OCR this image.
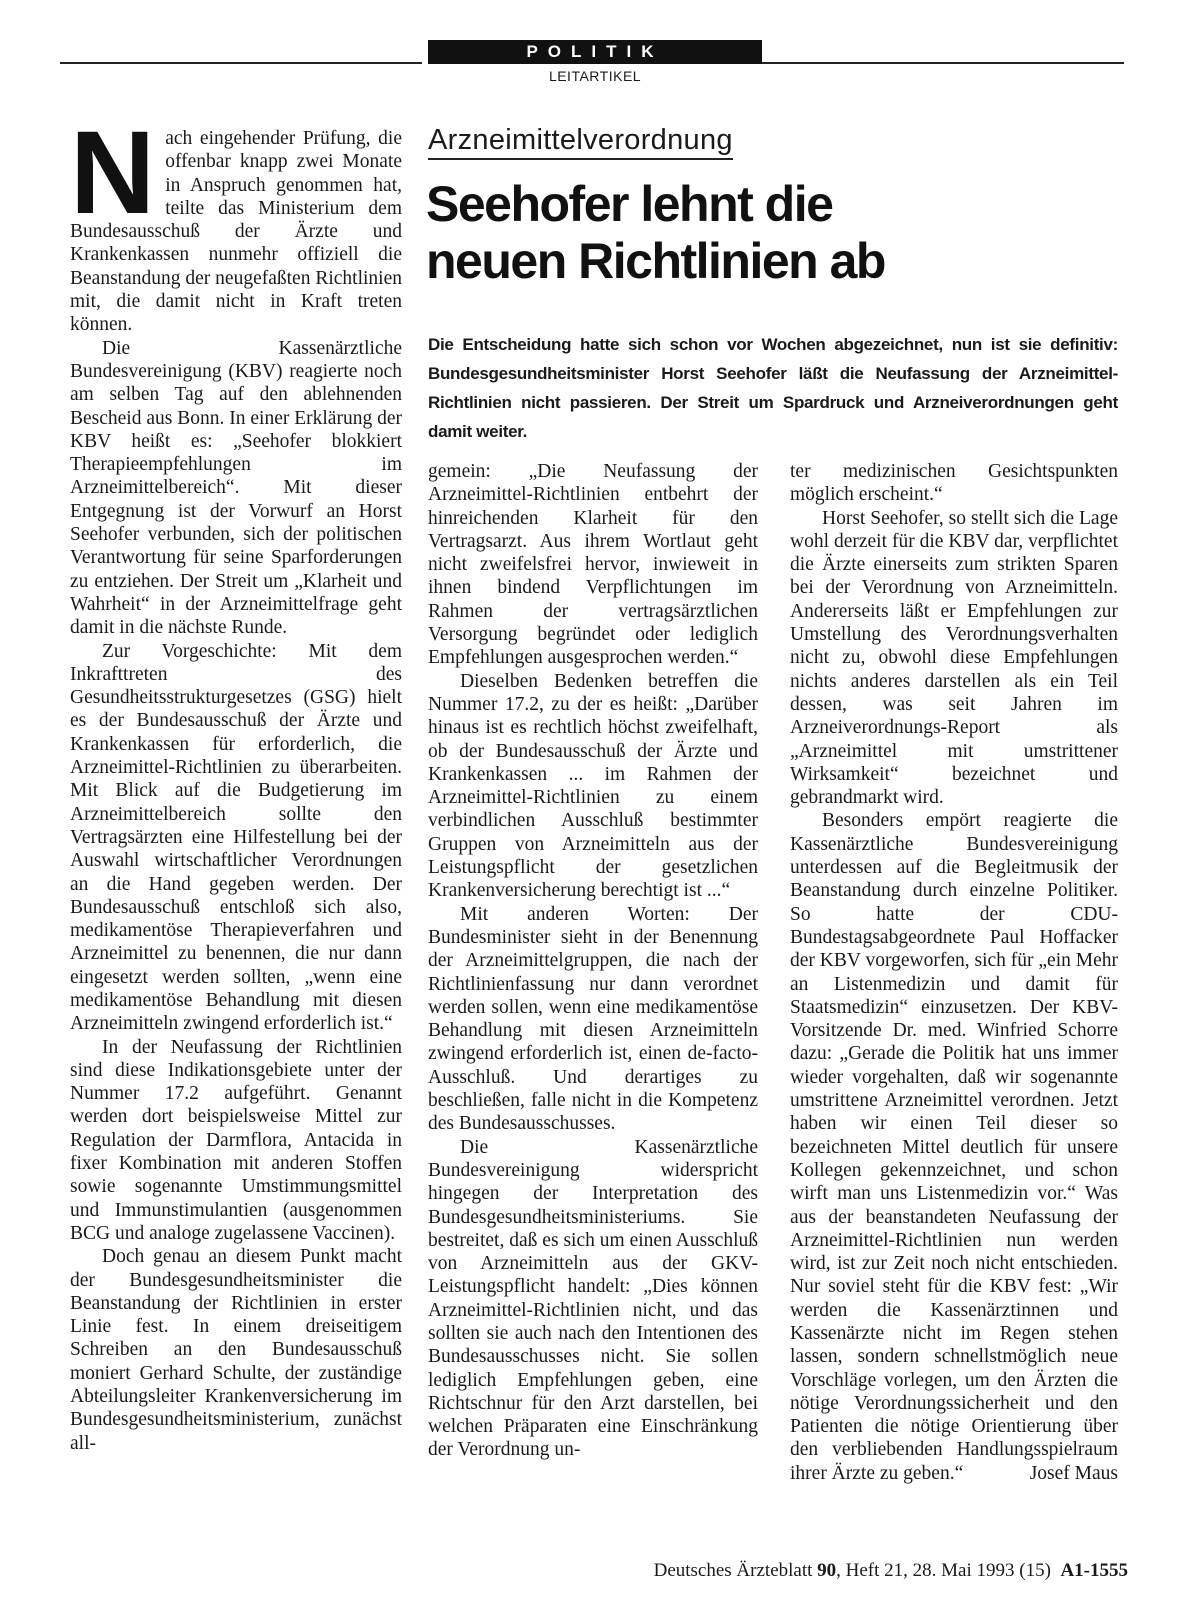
POLITIK
LEITARTIKEL

Nach eingehender Prüfung, die offenbar knapp zwei Monate in Anspruch genommen hat, teilte das Ministerium dem Bundesausschuß der Ärzte und Krankenkassen nunmehr offiziell die Beanstandung der neugefaßten Richtlinien mit, die damit nicht in Kraft treten können.

Die Kassenärztliche Bundesvereinigung (KBV) reagierte noch am selben Tag auf den ablehnenden Bescheid aus Bonn. In einer Erklärung der KBV heißt es: „Seehofer blokkiert Therapieempfehlungen im Arzneimittelbereich“. Mit dieser Entgegnung ist der Vorwurf an Horst Seehofer verbunden, sich der politischen Verantwortung für seine Sparforderungen zu entziehen. Der Streit um „Klarheit und Wahrheit“ in der Arzneimittelfrage geht damit in die nächste Runde.

Zur Vorgeschichte: Mit dem Inkrafttreten des Gesundheitsstrukturgesetzes (GSG) hielt es der Bundesausschuß der Ärzte und Krankenkassen für erforderlich, die Arzneimittel-Richtlinien zu überarbeiten. Mit Blick auf die Budgetierung im Arzneimittelbereich sollte den Vertragsärzten eine Hilfestellung bei der Auswahl wirtschaftlicher Verordnungen an die Hand gegeben werden. Der Bundesausschuß entschloß sich also, medikamentöse Therapieverfahren und Arzneimittel zu benennen, die nur dann eingesetzt werden sollten, „wenn eine medikamentöse Behandlung mit diesen Arzneimitteln zwingend erforderlich ist.“

In der Neufassung der Richtlinien sind diese Indikationsgebiete unter der Nummer 17.2 aufgeführt. Genannt werden dort beispielsweise Mittel zur Regulation der Darmflora, Antacida in fixer Kombination mit anderen Stoffen sowie sogenannte Umstimmungsmittel und Immunstimulantien (ausgenommen BCG und analoge zugelassene Vaccinen).

Doch genau an diesem Punkt macht der Bundesgesundheitsminister die Beanstandung der Richtlinien in erster Linie fest. In einem dreiseitigem Schreiben an den Bundesausschuß moniert Gerhard Schulte, der zuständige Abteilungsleiter Krankenversicherung im Bundesgesundheitsministerium, zunächst all-

Arzneimittelverordnung
Seehofer lehnt die
neuen Richtlinien ab
Die Entscheidung hatte sich schon vor Wochen abgezeichnet, nun ist sie definitiv: Bundesgesundheitsminister Horst Seehofer läßt die Neufassung der Arzneimittel-Richtlinien nicht passieren. Der Streit um Spardruck und Arzneiverordnungen geht damit weiter.

gemein: „Die Neufassung der Arzneimittel-Richtlinien entbehrt der hinreichenden Klarheit für den Vertragsarzt. Aus ihrem Wortlaut geht nicht zweifelsfrei hervor, inwieweit in ihnen bindend Verpflichtungen im Rahmen der vertragsärztlichen Versorgung begründet oder lediglich Empfehlungen ausgesprochen werden.“

Dieselben Bedenken betreffen die Nummer 17.2, zu der es heißt: „Darüber hinaus ist es rechtlich höchst zweifelhaft, ob der Bundesausschuß der Ärzte und Krankenkassen ... im Rahmen der Arzneimittel-Richtlinien zu einem verbindlichen Ausschluß bestimmter Gruppen von Arzneimitteln aus der Leistungspflicht der gesetzlichen Krankenversicherung berechtigt ist ...“

Mit anderen Worten: Der Bundesminister sieht in der Benennung der Arzneimittelgruppen, die nach der Richtlinienfassung nur dann verordnet werden sollen, wenn eine medikamentöse Behandlung mit diesen Arzneimitteln zwingend erforderlich ist, einen de-facto-Ausschluß. Und derartiges zu beschließen, falle nicht in die Kompetenz des Bundesausschusses.

Die Kassenärztliche Bundesvereinigung widerspricht hingegen der Interpretation des Bundesgesundheitsministeriums. Sie bestreitet, daß es sich um einen Ausschluß von Arzneimitteln aus der GKV-Leistungspflicht handelt: „Dies können Arzneimittel-Richtlinien nicht, und das sollten sie auch nach den Intentionen des Bundesausschusses nicht. Sie sollen lediglich Empfehlungen geben, eine Richtschnur für den Arzt darstellen, bei welchen Präparaten eine Einschränkung der Verordnung un-

ter medizinischen Gesichtspunkten möglich erscheint.“

Horst Seehofer, so stellt sich die Lage wohl derzeit für die KBV dar, verpflichtet die Ärzte einerseits zum strikten Sparen bei der Verordnung von Arzneimitteln. Andererseits läßt er Empfehlungen zur Umstellung des Verordnungsverhalten nicht zu, obwohl diese Empfehlungen nichts anderes darstellen als ein Teil dessen, was seit Jahren im Arzneiverordnungs-Report als „Arzneimittel mit umstrittener Wirksamkeit“ bezeichnet und gebrandmarkt wird.

Besonders empört reagierte die Kassenärztliche Bundesvereinigung unterdessen auf die Begleitmusik der Beanstandung durch einzelne Politiker. So hatte der CDU-Bundestagsabgeordnete Paul Hoffacker der KBV vorgeworfen, sich für „ein Mehr an Listenmedizin und damit für Staatsmedizin“ einzusetzen. Der KBV-Vorsitzende Dr. med. Winfried Schorre dazu: „Gerade die Politik hat uns immer wieder vorgehalten, daß wir sogenannte umstrittene Arzneimittel verordnen. Jetzt haben wir einen Teil dieser so bezeichneten Mittel deutlich für unsere Kollegen gekennzeichnet, und schon wirft man uns Listenmedizin vor.“ Was aus der beanstandeten Neufassung der Arzneimittel-Richtlinien nun werden wird, ist zur Zeit noch nicht entschieden. Nur soviel steht für die KBV fest: „Wir werden die Kassenärztinnen und Kassenärzte nicht im Regen stehen lassen, sondern schnellstmöglich neue Vorschläge vorlegen, um den Ärzten die nötige Verordnungssicherheit und den Patienten die nötige Orientierung über den verbliebenden Handlungsspielraum ihrer Ärzte zu geben.“	Josef Maus

Deutsches Ärzteblatt 90, Heft 21, 28. Mai 1993 (15) A1-1555
